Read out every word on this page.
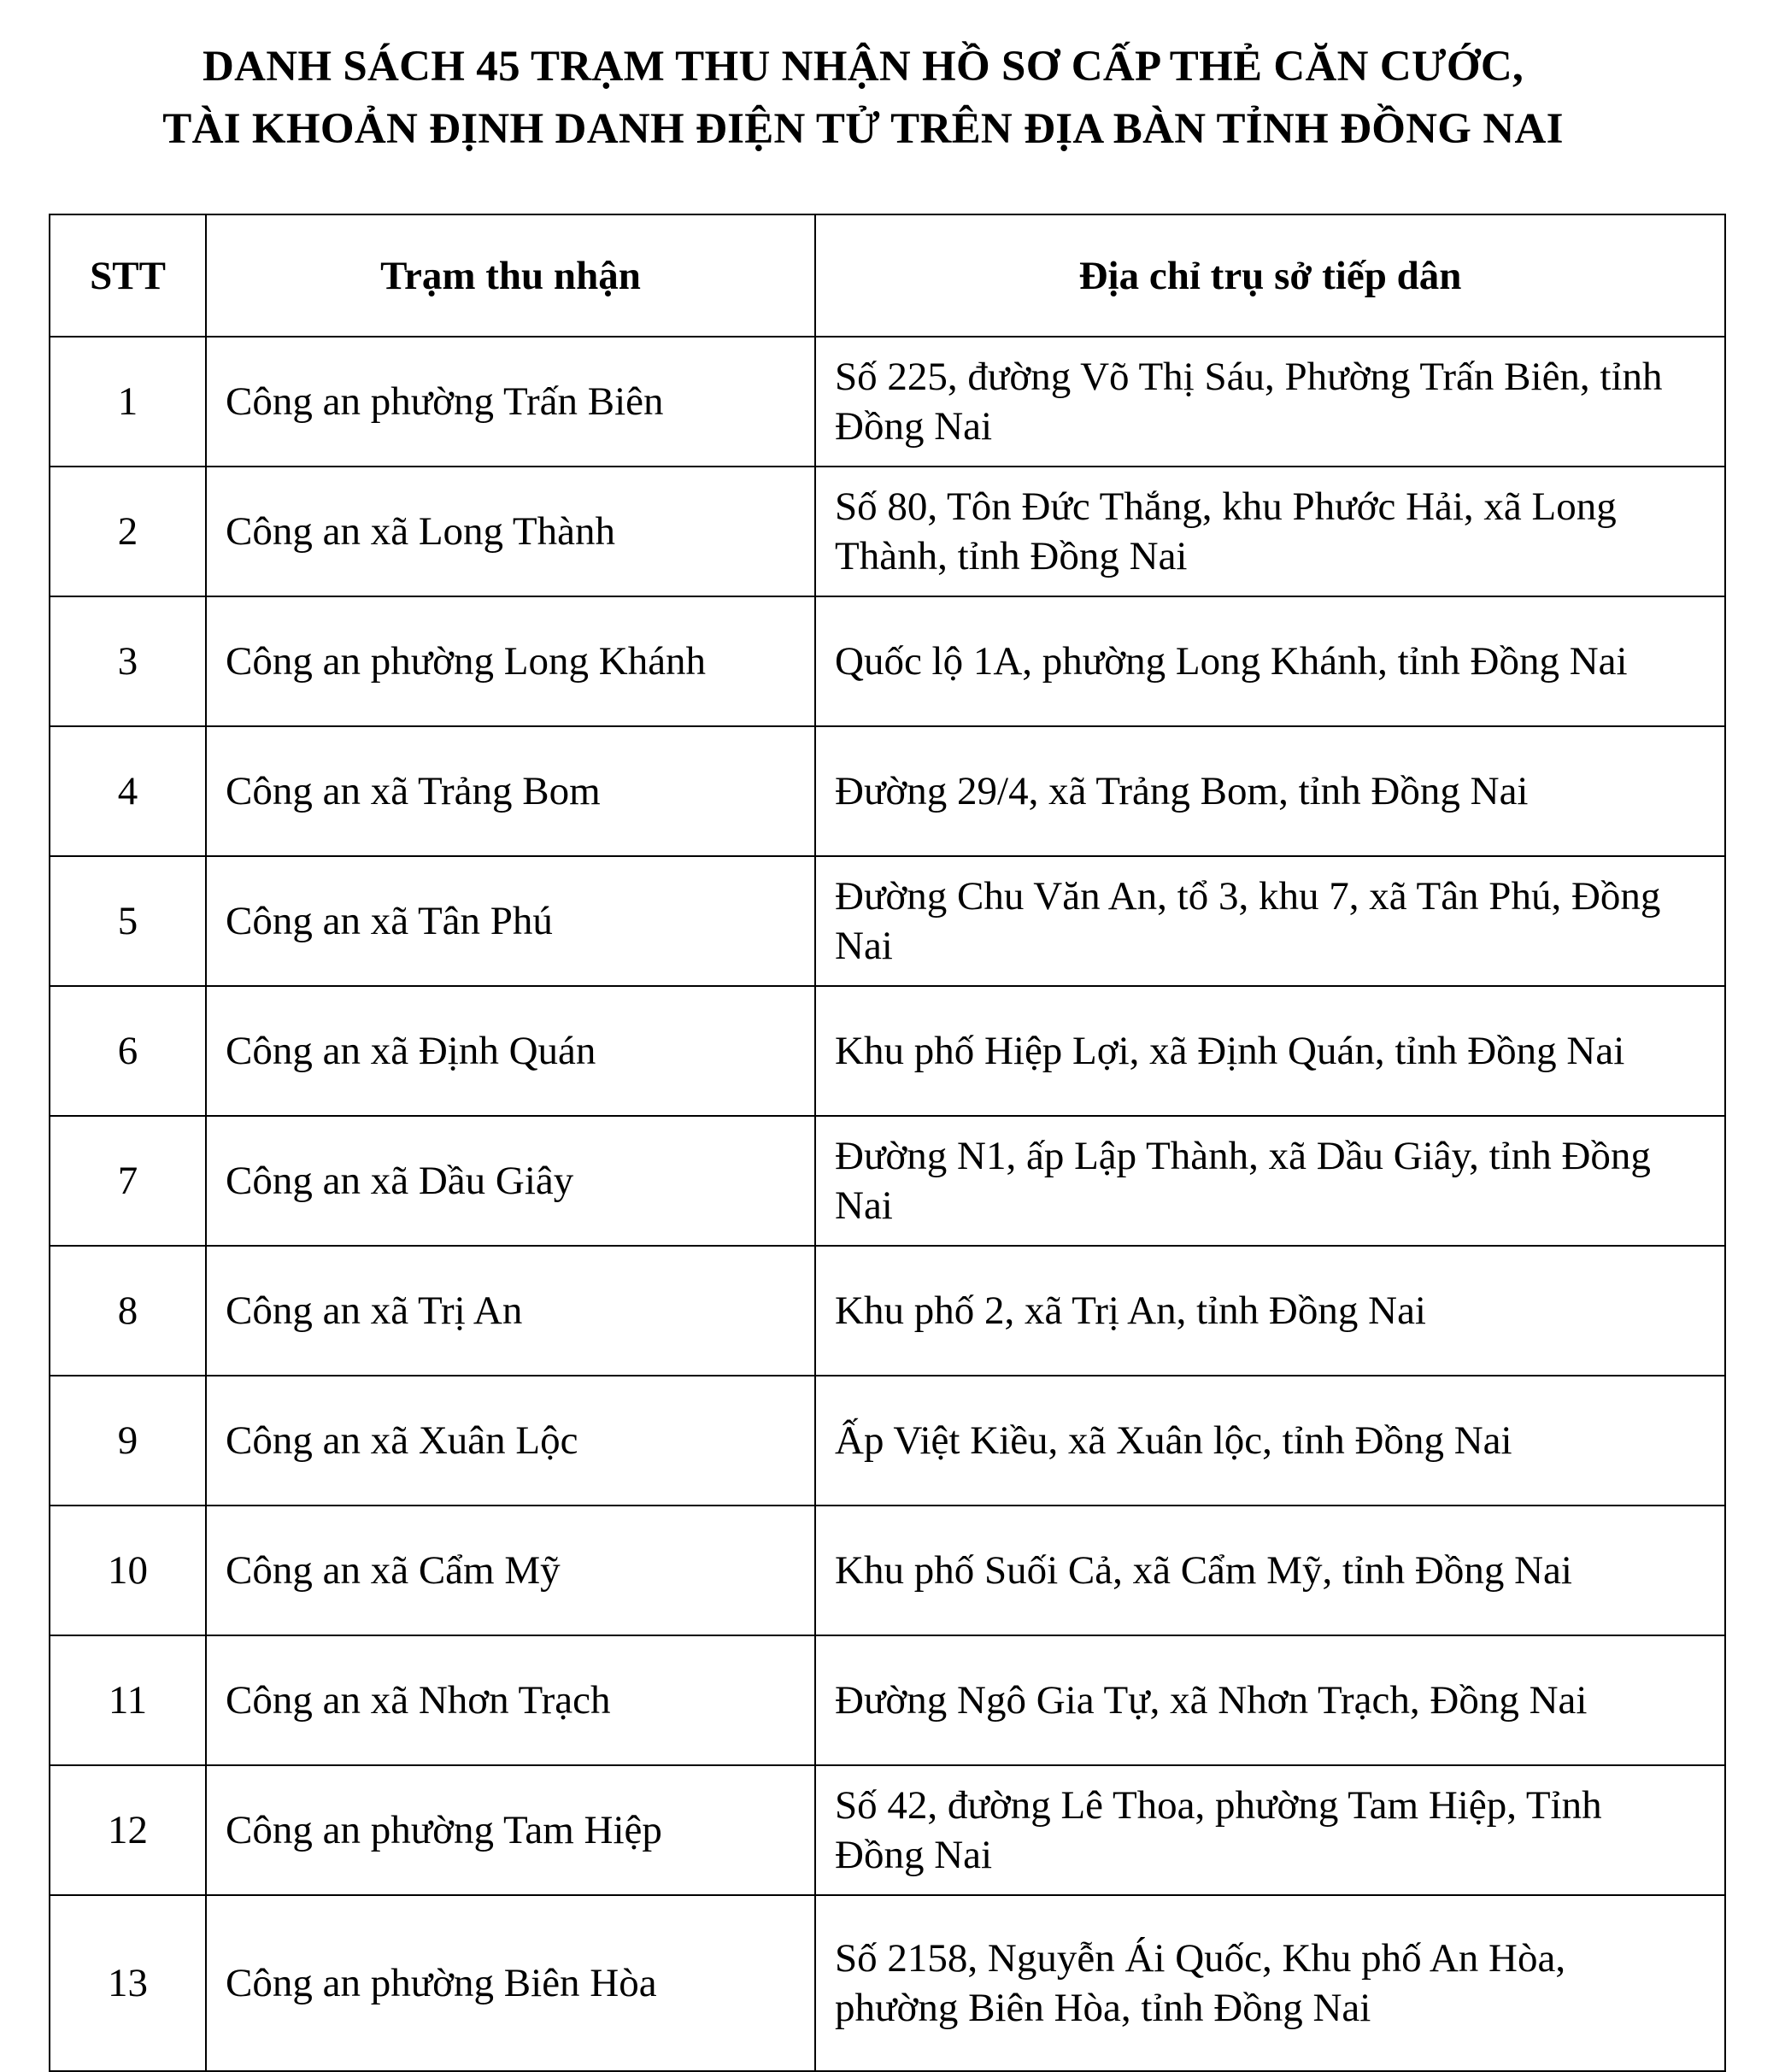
DANH SÁCH 45 TRẠM THU NHẬN HỒ SƠ CẤP THẺ CĂN CƯỚC,
TÀI KHOẢN ĐỊNH DANH ĐIỆN TỬ TRÊN ĐỊA BÀN TỈNH ĐỒNG NAI
STT	Trạm thu nhận	Địa chỉ trụ sở tiếp dân
1	Công an phường Trấn Biên	Số 225, đường Võ Thị Sáu, Phường Trấn Biên, tỉnh Đồng Nai
2	Công an xã Long Thành	Số 80, Tôn Đức Thắng, khu Phước Hải, xã Long Thành, tỉnh Đồng Nai
3	Công an phường Long Khánh	Quốc lộ 1A, phường Long Khánh, tỉnh Đồng Nai
4	Công an xã Trảng Bom	Đường 29/4, xã Trảng Bom, tỉnh Đồng Nai
5	Công an xã Tân Phú	Đường Chu Văn An, tổ 3, khu 7, xã Tân Phú, Đồng Nai
6	Công an xã Định Quán	Khu phố Hiệp Lợi, xã Định Quán, tỉnh Đồng Nai
7	Công an xã Dầu Giây	Đường N1, ấp Lập Thành, xã Dầu Giây, tỉnh Đồng Nai
8	Công an xã Trị An	Khu phố 2, xã Trị An, tỉnh Đồng Nai
9	Công an xã Xuân Lộc	Ấp Việt Kiều, xã Xuân lộc, tỉnh Đồng Nai
10	Công an xã Cẩm Mỹ	Khu phố Suối Cả, xã Cẩm Mỹ, tỉnh Đồng Nai
11	Công an xã Nhơn Trạch	Đường Ngô Gia Tự, xã Nhơn Trạch, Đồng Nai
12	Công an phường Tam Hiệp	Số 42, đường Lê Thoa, phường Tam Hiệp, Tỉnh Đồng Nai
13	Công an phường Biên Hòa	Số 2158, Nguyễn Ái Quốc, Khu phố An Hòa, phường Biên Hòa, tỉnh Đồng Nai
